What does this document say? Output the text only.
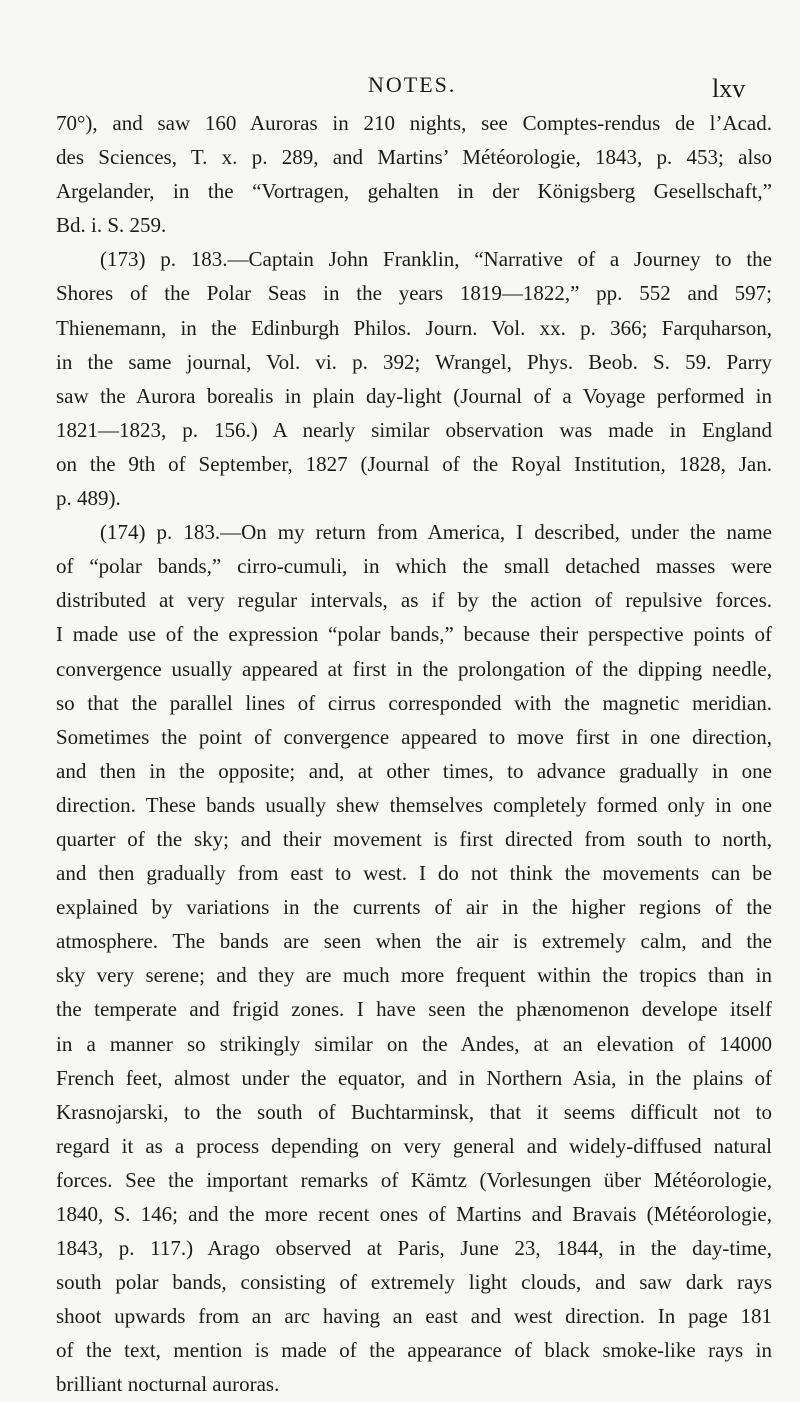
NOTES.	lxv
70°), and saw 160 Auroras in 210 nights, see Comptes-rendus de l’Acad.
des Sciences, T. x. p. 289, and Martins’ Météorologie, 1843, p. 453; also
Argelander, in the “Vortragen, gehalten in der Königsberg Gesellschaft,”
Bd. i. S. 259.
(173) p. 183.—Captain John Franklin, “Narrative of a Journey to the
Shores of the Polar Seas in the years 1819—1822,” pp. 552 and 597;
Thienemann, in the Edinburgh Philos. Journ. Vol. xx. p. 366; Farquharson,
in the same journal, Vol. vi. p. 392; Wrangel, Phys. Beob. S. 59. Parry
saw the Aurora borealis in plain day-light (Journal of a Voyage performed in
1821—1823, p. 156.) A nearly similar observation was made in England
on the 9th of September, 1827 (Journal of the Royal Institution, 1828, Jan.
p. 489).
(174) p. 183.—On my return from America, I described, under the name
of “polar bands,” cirro-cumuli, in which the small detached masses were
distributed at very regular intervals, as if by the action of repulsive forces.
I made use of the expression “polar bands,” because their perspective points of
convergence usually appeared at first in the prolongation of the dipping needle,
so that the parallel lines of cirrus corresponded with the magnetic meridian.
Sometimes the point of convergence appeared to move first in one direction,
and then in the opposite; and, at other times, to advance gradually in one
direction. These bands usually shew themselves completely formed only in one
quarter of the sky; and their movement is first directed from south to north,
and then gradually from east to west. I do not think the movements can be
explained by variations in the currents of air in the higher regions of the
atmosphere. The bands are seen when the air is extremely calm, and the
sky very serene; and they are much more frequent within the tropics than in
the temperate and frigid zones. I have seen the phænomenon develope itself
in a manner so strikingly similar on the Andes, at an elevation of 14000
French feet, almost under the equator, and in Northern Asia, in the plains of
Krasnojarski, to the south of Buchtarminsk, that it seems difficult not to
regard it as a process depending on very general and widely-diffused natural
forces. See the important remarks of Kämtz (Vorlesungen über Météorologie,
1840, S. 146; and the more recent ones of Martins and Bravais (Météorologie,
1843, p. 117.) Arago observed at Paris, June 23, 1844, in the day-time,
south polar bands, consisting of extremely light clouds, and saw dark rays
shoot upwards from an arc having an east and west direction. In page 181
of the text, mention is made of the appearance of black smoke-like rays in
brilliant nocturnal auroras.
